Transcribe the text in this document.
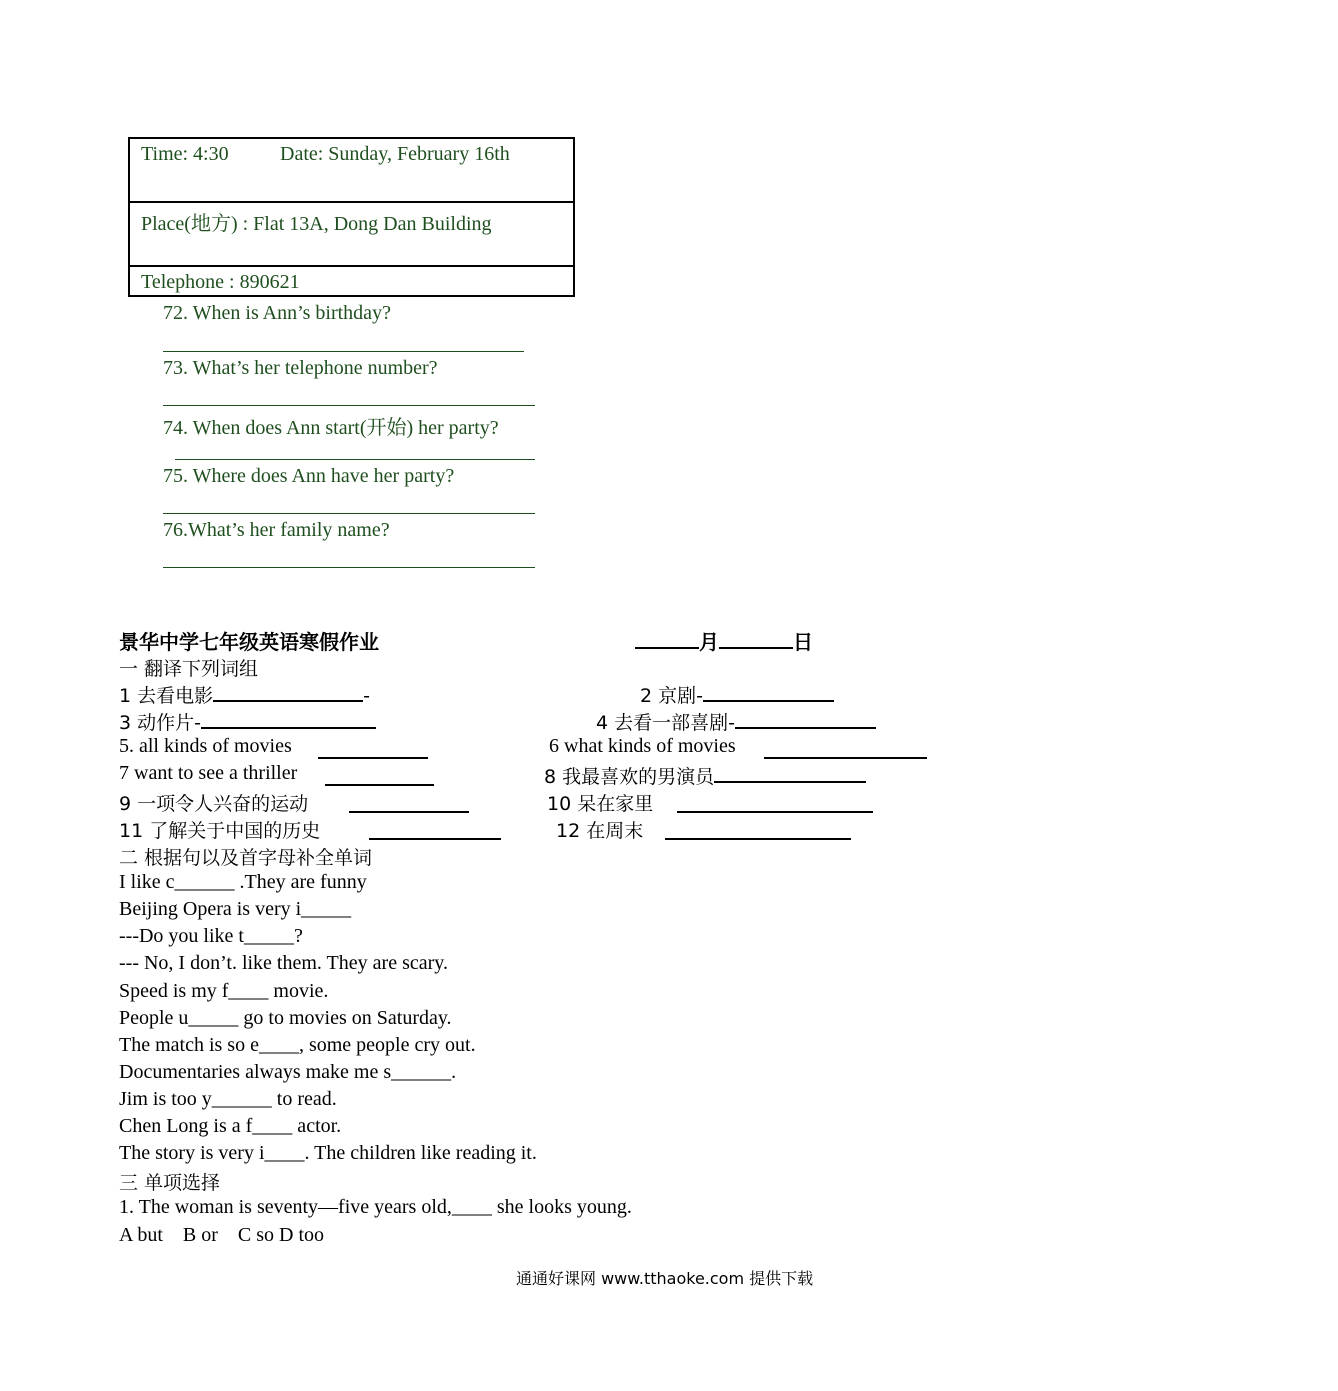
Time: 4:30	Date: Sunday, February 16th
Place(地方) : Flat 13A, Dong Dan Building
Telephone : 890621
72. When is Ann’s birthday?
73. What’s her telephone number?
74. When does Ann start(开始) her party?
75. Where does Ann have her party?
76.What’s her family name?
景华中学七年级英语寒假作业	月	日
一 翻译下列词组
1 去看电影	-	2 京剧-
3 动作片-	4 去看一部喜剧-
5. all kinds of movies	6 what kinds of movies
7 want to see a thriller	8 我最喜欢的男演员
9 一项令人兴奋的运动	10 呆在家里
11 了解关于中国的历史	12 在周末
二 根据句以及首字母补全单词
I like c______ .They are funny
Beijing Opera is very i_____
---Do you like t_____?
--- No, I don’t. like them. They are scary.
Speed is my f____ movie.
People u_____ go to movies on Saturday.
The match is so e____, some people cry out.
Documentaries always make me s______.
Jim is too y______ to read.
Chen Long is a f____ actor.
The story is very i____. The children like reading it.
三 单项选择
1. The woman is seventy—five years old,____ she looks young.
A but    B or    C so D too
通通好课网 www.tthaoke.com 提供下载
